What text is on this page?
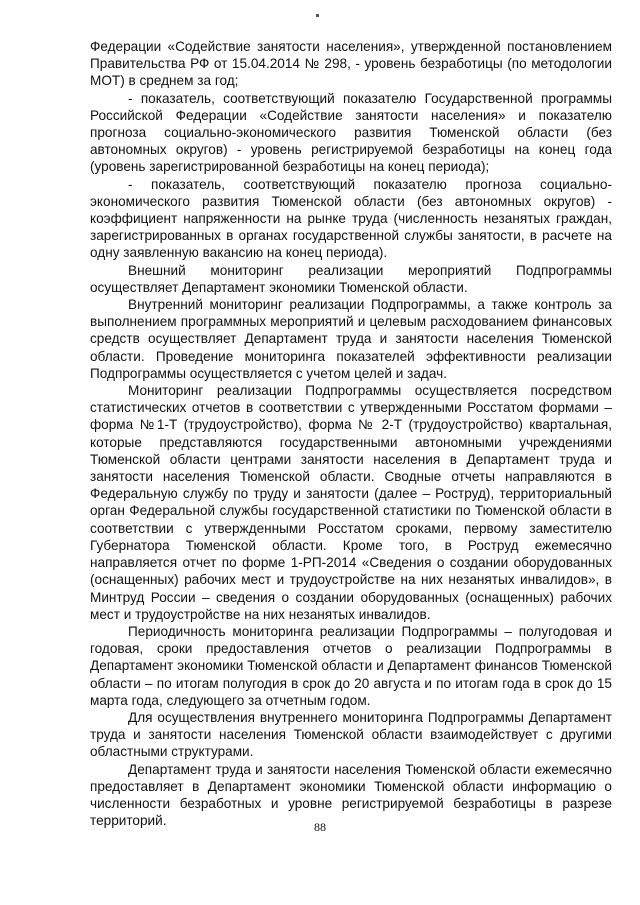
Федерации «Содействие занятости населения», утвержденной постановлением Правительства РФ от 15.04.2014 № 298, - уровень безработицы (по методологии МОТ) в среднем за год;

- показатель, соответствующий показателю Государственной программы Российской Федерации «Содействие занятости населения» и показателю прогноза социально-экономического развития Тюменской области (без автономных округов) - уровень регистрируемой безработицы на конец года (уровень зарегистрированной безработицы на конец периода);

- показатель, соответствующий показателю прогноза социально-экономического развития Тюменской области (без автономных округов) - коэффициент напряженности на рынке труда (численность незанятых граждан, зарегистрированных в органах государственной службы занятости, в расчете на одну заявленную вакансию на конец периода).

Внешний мониторинг реализации мероприятий Подпрограммы осуществляет Департамент экономики Тюменской области.

Внутренний мониторинг реализации Подпрограммы, а также контроль за выполнением программных мероприятий и целевым расходованием финансовых средств осуществляет Департамент труда и занятости населения Тюменской области. Проведение мониторинга показателей эффективности реализации Подпрограммы осуществляется с учетом целей и задач.

Мониторинг реализации Подпрограммы осуществляется посредством статистических отчетов в соответствии с утвержденными Росстатом формами – форма №1-Т (трудоустройство), форма № 2-Т (трудоустройство) квартальная, которые представляются государственными автономными учреждениями Тюменской области центрами занятости населения в Департамент труда и занятости населения Тюменской области. Сводные отчеты направляются в Федеральную службу по труду и занятости (далее – Роструд), территориальный орган Федеральной службы государственной статистики по Тюменской области в соответствии с утвержденными Росстатом сроками, первому заместителю Губернатора Тюменской области. Кроме того, в Роструд ежемесячно направляется отчет по форме 1-РП-2014 «Сведения о создании оборудованных (оснащенных) рабочих мест и трудоустройстве на них незанятых инвалидов», в Минтруд России – сведения о создании оборудованных (оснащенных) рабочих мест и трудоустройстве на них незанятых инвалидов.

Периодичность мониторинга реализации Подпрограммы – полугодовая и годовая, сроки предоставления отчетов о реализации Подпрограммы в Департамент экономики Тюменской области и Департамент финансов Тюменской области – по итогам полугодия в срок до 20 августа и по итогам года в срок до 15 марта года, следующего за отчетным годом.

Для осуществления внутреннего мониторинга Подпрограммы Департамент труда и занятости населения Тюменской области взаимодействует с другими областными структурами.

Департамент труда и занятости населения Тюменской области ежемесячно предоставляет в Департамент экономики Тюменской области информацию о численности безработных и уровне регистрируемой безработицы в разрезе территорий.	88
